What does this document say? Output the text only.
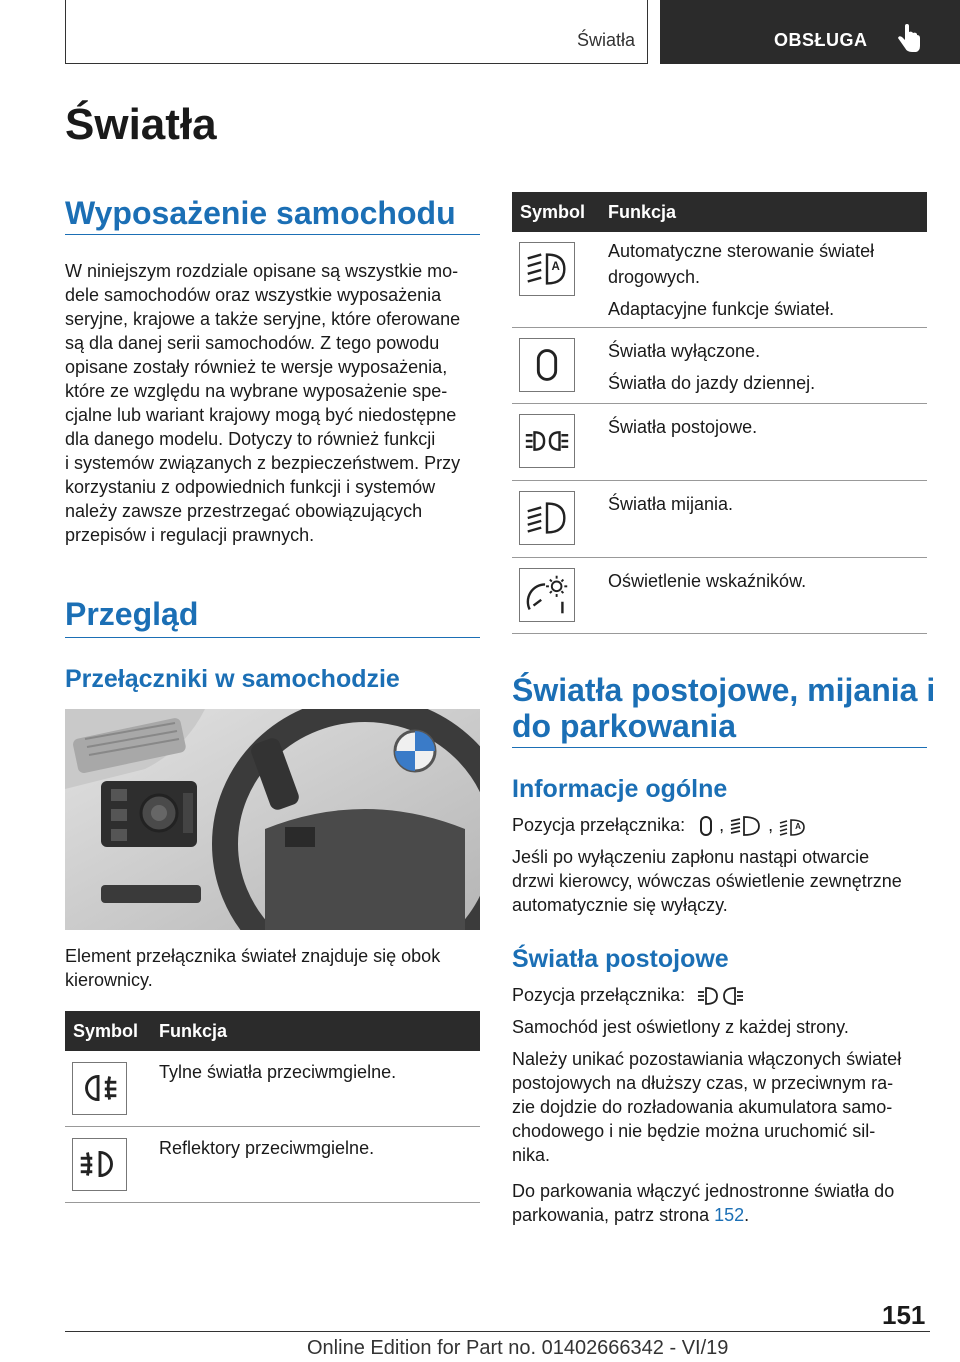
Światła	OBSŁUGA
Światła
Wyposażenie samochodu

W niniejszym rozdziale opisane są wszystkie mo‐

dele samochodów oraz wszystkie wyposażenia

seryjne, krajowe a także seryjne, które oferowane

są dla danej serii samochodów. Z tego powodu

opisane zostały również te wersje wyposażenia,

które ze względu na wybrane wyposażenie spe‐

cjalne lub wariant krajowy mogą być niedostępne

dla danego modelu. Dotyczy to również funkcji

i systemów związanych z bezpieczeństwem. Przy

korzystaniu z odpowiednich funkcji i systemów

należy zawsze przestrzegać obowiązujących

przepisów i regulacji prawnych.

Przegląd
Przełączniki w samochodzie

Element przełącznika świateł znajduje się obok

kierownicy.

Symbol Funkcja
Tylne światła przeciwmgielne.
Reflektory przeciwmgielne.
Symbol Funkcja
A
Automatyczne sterowanie świateł
drogowych.
Adaptacyjne funkcje świateł.
Światła wyłączone.
Światła do jazdy dziennej.
Światła postojowe.
Światła mijania.
Oświetlenie wskaźników.
Światła postojowe, mijania i
do parkowania
Informacje ogólne
Pozycja przełącznika: , ,	A

Jeśli po wyłączeniu zapłonu nastąpi otwarcie

drzwi kierowcy, wówczas oświetlenie zewnętrzne

automatycznie się wyłączy.

Światła postojowe
Pozycja przełącznika:

Samochód jest oświetlony z każdej strony.

Należy unikać pozostawiania włączonych świateł

postojowych na dłuższy czas, w przeciwnym ra‐

zie dojdzie do rozładowania akumulatora samo‐

chodowego i nie będzie można uruchomić sil‐

nika.

Do parkowania włączyć jednostronne światła do

parkowania, patrz strona 152.

151
Online Edition for Part no. 01402666342 - VI/19
